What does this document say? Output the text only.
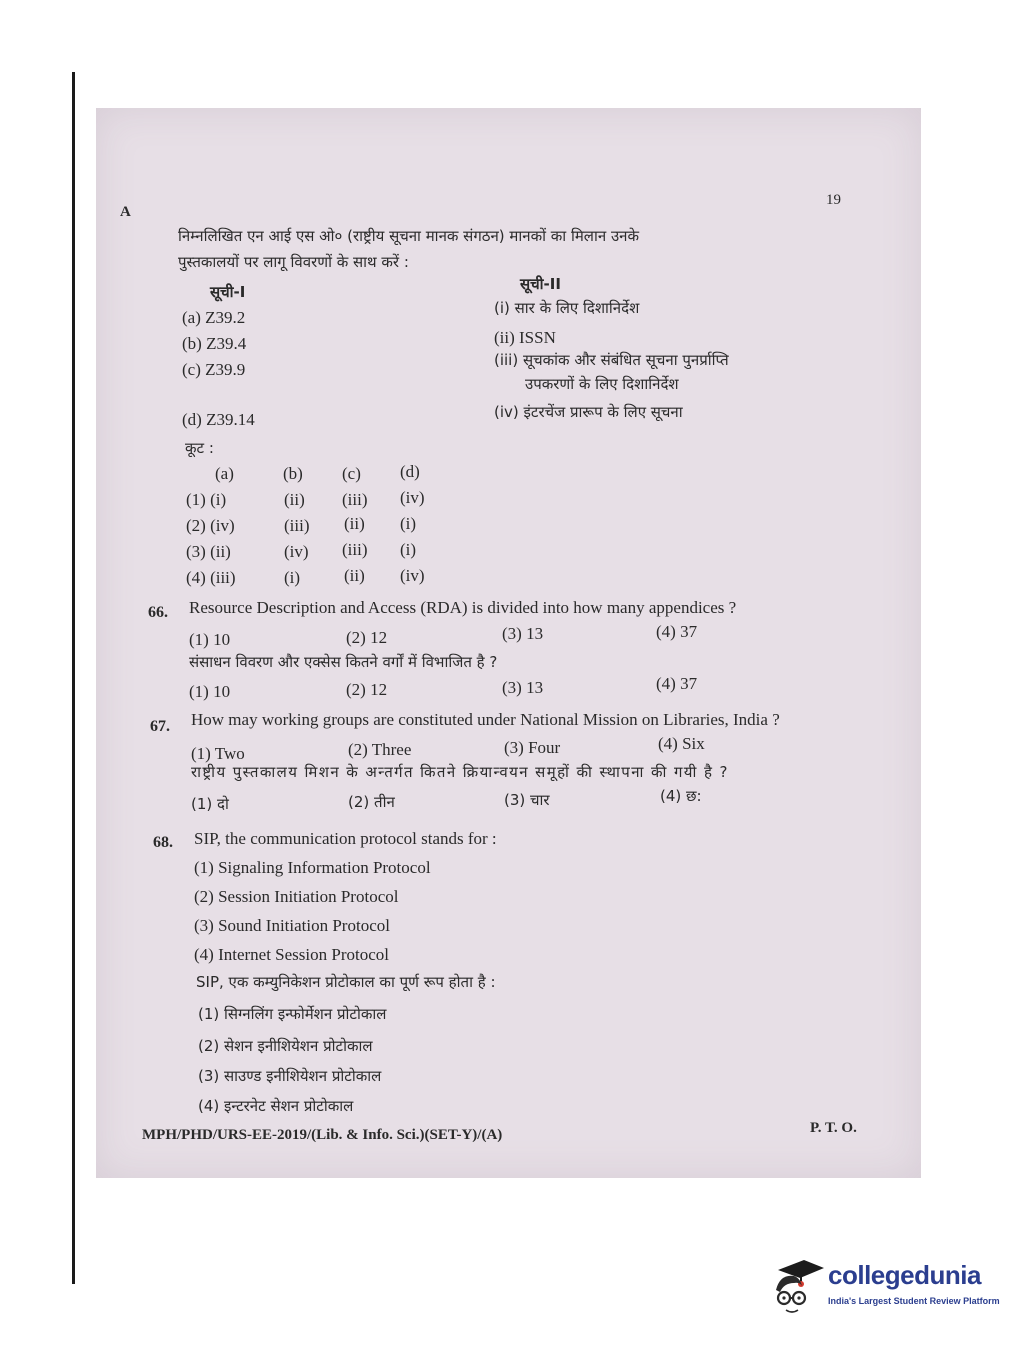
19
A
निम्नलिखित एन आई एस ओ० (राष्ट्रीय सूचना मानक संगठन) मानकों का मिलान उनके
पुस्तकालयों पर लागू विवरणों के साथ करें :
सूची-I	सूची-II
(a) Z39.2
(b) Z39.4
(c) Z39.9
(d) Z39.14
(i) सार के लिए दिशानिर्देश
(ii) ISSN
(iii) सूचकांक और संबंधित सूचना पुनर्प्राप्ति
उपकरणों के लिए दिशानिर्देश
(iv) इंटरचेंज प्रारूप के लिए सूचना
कूट :
(a)	(b) (c) (d)
(1) (i)	(ii) (iii) (iv)
(2) (iv)	(iii) (ii) (i)
(3) (ii)	(iv) (iii) (i)
(4) (iii)	(i)	(ii) (iv)
66. Resource Description and Access (RDA) is divided into how many appendices ?
(1) 10	(2) 12	(3) 13	(4) 37
संसाधन विवरण और एक्सेस कितने वर्गों में विभाजित है ?
(1) 10	(2) 12	(3) 13	(4) 37
67. How may working groups are constituted under National Mission on Libraries, India ?
(1) Two	(2) Three	(3) Four	(4) Six
राष्ट्रीय पुस्तकालय मिशन के अन्तर्गत कितने क्रियान्वयन समूहों की स्थापना की गयी है ?
(1) दो	(2) तीन	(3) चार	(4) छ:
68. SIP, the communication protocol stands for :
(1) Signaling Information Protocol
(2) Session Initiation Protocol
(3) Sound Initiation Protocol
(4) Internet Session Protocol
SIP, एक कम्युनिकेशन प्रोटोकाल का पूर्ण रूप होता है :
(1) सिग्नलिंग इन्फोर्मेशन प्रोटोकाल
(2) सेशन इनीशियेशन प्रोटोकाल
(3) साउण्ड इनीशियेशन प्रोटोकाल
(4) इन्टरनेट सेशन प्रोटोकाल
MPH/PHD/URS-EE-2019/(Lib. & Info. Sci.)(SET-Y)/(A)	P. T. O.
collegedunia
India's Largest Student Review Platform
